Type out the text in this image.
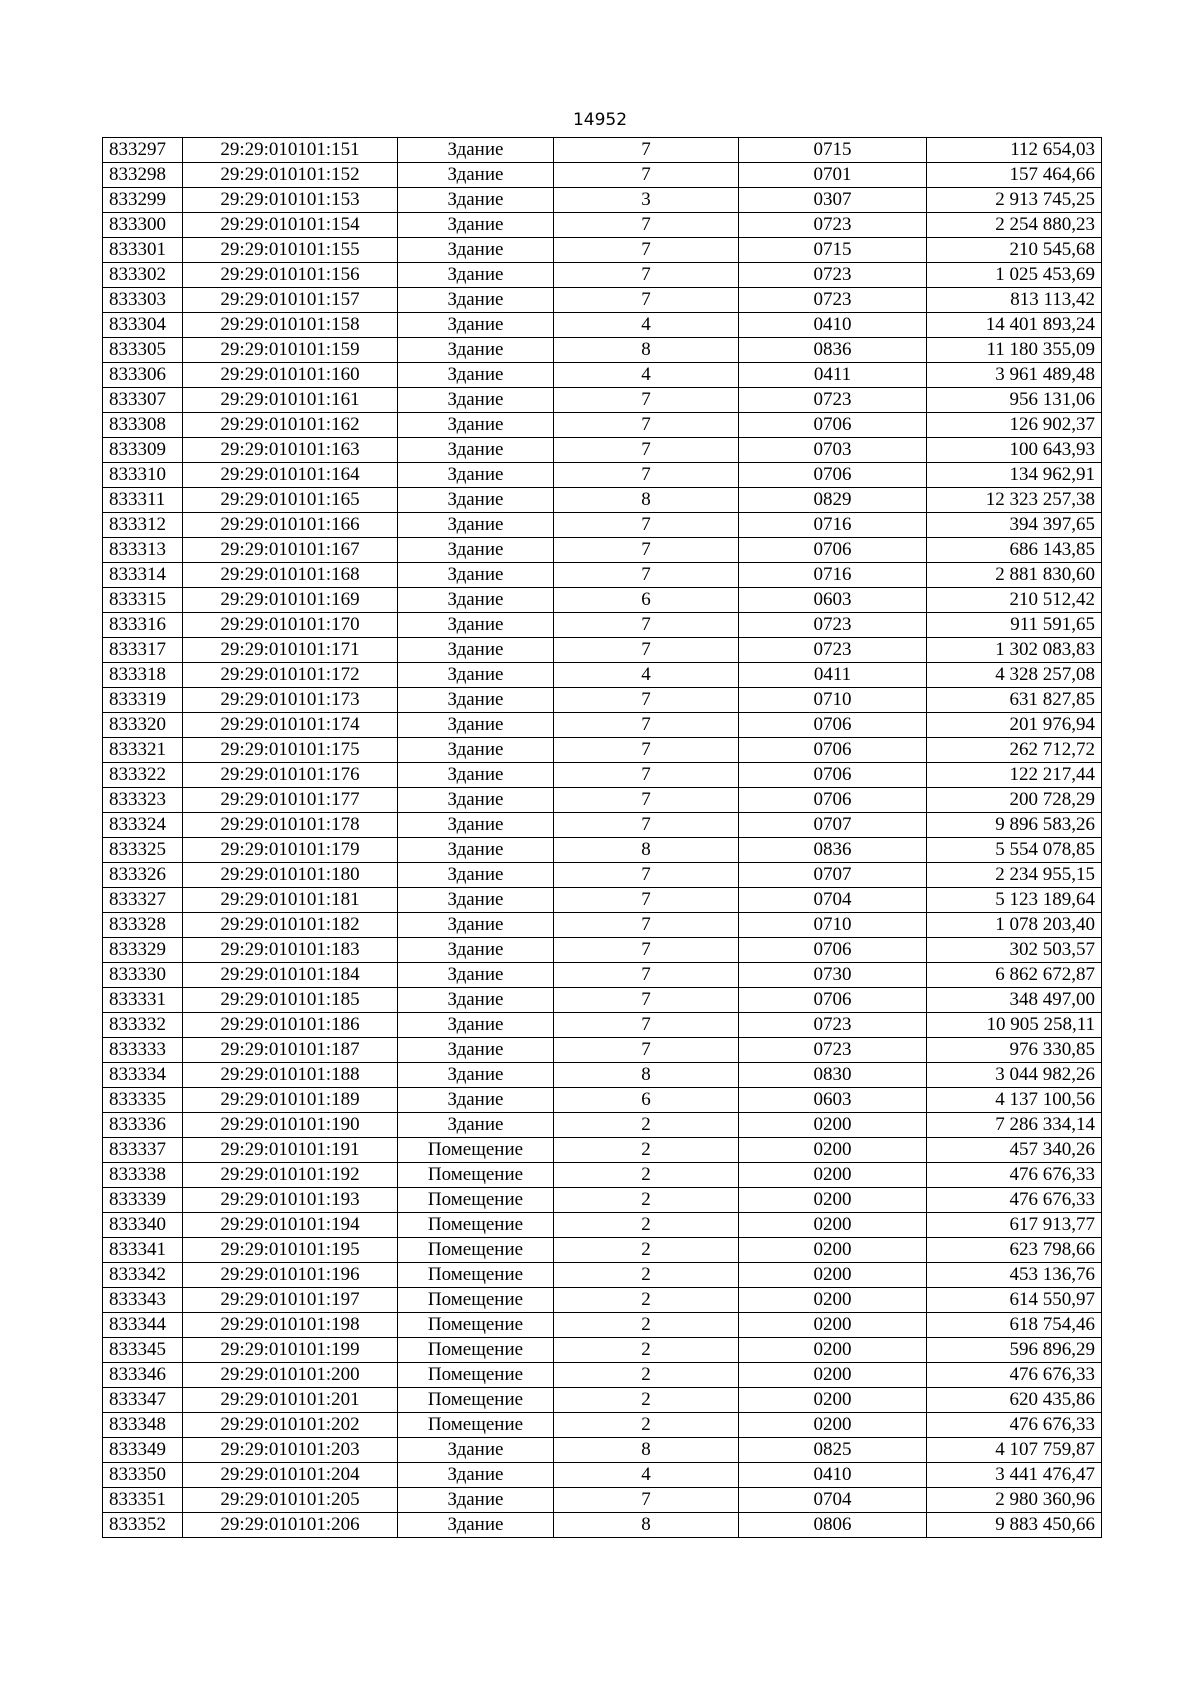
14952
833297	29:29:010101:151	Здание	7	0715	112 654,03
833298	29:29:010101:152	Здание	7	0701	157 464,66
833299	29:29:010101:153	Здание	3	0307	2 913 745,25
833300	29:29:010101:154	Здание	7	0723	2 254 880,23
833301	29:29:010101:155	Здание	7	0715	210 545,68
833302	29:29:010101:156	Здание	7	0723	1 025 453,69
833303	29:29:010101:157	Здание	7	0723	813 113,42
833304	29:29:010101:158	Здание	4	0410	14 401 893,24
833305	29:29:010101:159	Здание	8	0836	11 180 355,09
833306	29:29:010101:160	Здание	4	0411	3 961 489,48
833307	29:29:010101:161	Здание	7	0723	956 131,06
833308	29:29:010101:162	Здание	7	0706	126 902,37
833309	29:29:010101:163	Здание	7	0703	100 643,93
833310	29:29:010101:164	Здание	7	0706	134 962,91
833311	29:29:010101:165	Здание	8	0829	12 323 257,38
833312	29:29:010101:166	Здание	7	0716	394 397,65
833313	29:29:010101:167	Здание	7	0706	686 143,85
833314	29:29:010101:168	Здание	7	0716	2 881 830,60
833315	29:29:010101:169	Здание	6	0603	210 512,42
833316	29:29:010101:170	Здание	7	0723	911 591,65
833317	29:29:010101:171	Здание	7	0723	1 302 083,83
833318	29:29:010101:172	Здание	4	0411	4 328 257,08
833319	29:29:010101:173	Здание	7	0710	631 827,85
833320	29:29:010101:174	Здание	7	0706	201 976,94
833321	29:29:010101:175	Здание	7	0706	262 712,72
833322	29:29:010101:176	Здание	7	0706	122 217,44
833323	29:29:010101:177	Здание	7	0706	200 728,29
833324	29:29:010101:178	Здание	7	0707	9 896 583,26
833325	29:29:010101:179	Здание	8	0836	5 554 078,85
833326	29:29:010101:180	Здание	7	0707	2 234 955,15
833327	29:29:010101:181	Здание	7	0704	5 123 189,64
833328	29:29:010101:182	Здание	7	0710	1 078 203,40
833329	29:29:010101:183	Здание	7	0706	302 503,57
833330	29:29:010101:184	Здание	7	0730	6 862 672,87
833331	29:29:010101:185	Здание	7	0706	348 497,00
833332	29:29:010101:186	Здание	7	0723	10 905 258,11
833333	29:29:010101:187	Здание	7	0723	976 330,85
833334	29:29:010101:188	Здание	8	0830	3 044 982,26
833335	29:29:010101:189	Здание	6	0603	4 137 100,56
833336	29:29:010101:190	Здание	2	0200	7 286 334,14
833337	29:29:010101:191	Помещение	2	0200	457 340,26
833338	29:29:010101:192	Помещение	2	0200	476 676,33
833339	29:29:010101:193	Помещение	2	0200	476 676,33
833340	29:29:010101:194	Помещение	2	0200	617 913,77
833341	29:29:010101:195	Помещение	2	0200	623 798,66
833342	29:29:010101:196	Помещение	2	0200	453 136,76
833343	29:29:010101:197	Помещение	2	0200	614 550,97
833344	29:29:010101:198	Помещение	2	0200	618 754,46
833345	29:29:010101:199	Помещение	2	0200	596 896,29
833346	29:29:010101:200	Помещение	2	0200	476 676,33
833347	29:29:010101:201	Помещение	2	0200	620 435,86
833348	29:29:010101:202	Помещение	2	0200	476 676,33
833349	29:29:010101:203	Здание	8	0825	4 107 759,87
833350	29:29:010101:204	Здание	4	0410	3 441 476,47
833351	29:29:010101:205	Здание	7	0704	2 980 360,96
833352	29:29:010101:206	Здание	8	0806	9 883 450,66
